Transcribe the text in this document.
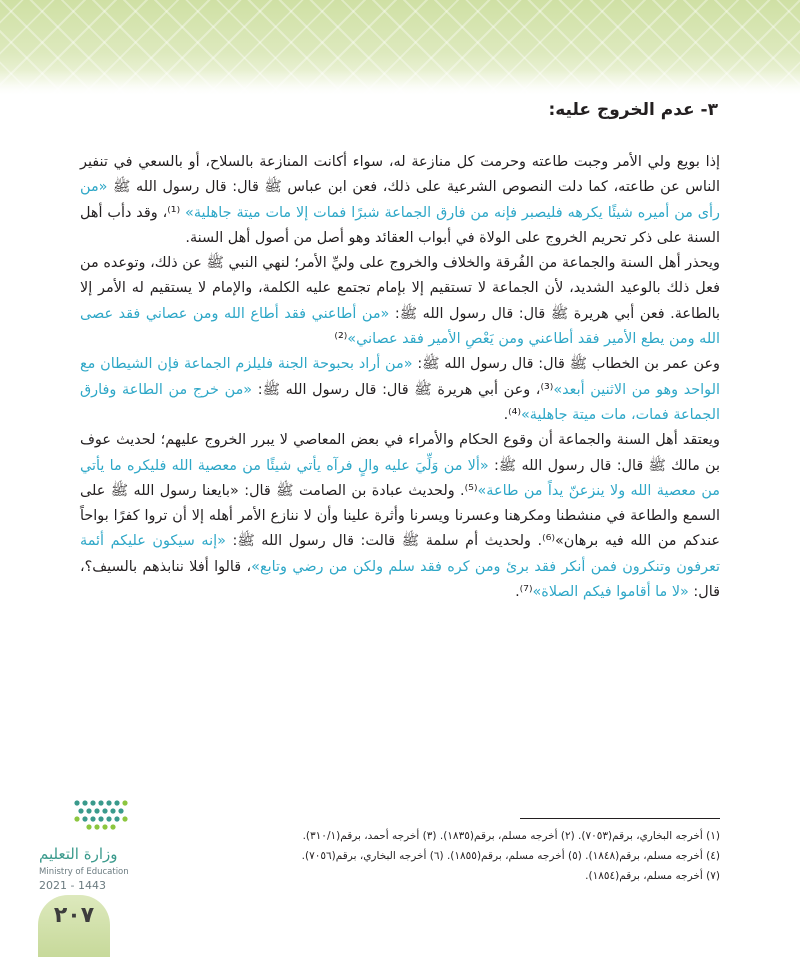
٣- عدم الخروج عليه:

إذا بويع ولي الأمر وجبت طاعته وحرمت كل منازعة له، سواء أكانت المنازعة بالسلاح، أو بالسعي في تنفير الناس عن طاعته، كما دلت النصوص الشرعية على ذلك، فعن ابن عباس ﷺ قال: قال رسول الله ﷺ «من رأى من أميره شيئًا يكرهه فليصبر فإنه من فارق الجماعة شبرًا فمات إلا مات ميتة جاهلية» ⁽¹⁾، وقد دأب أهل السنة على ذكر تحريم الخروج على الولاة في أبواب العقائد وهو أصل من أصول أهل السنة.

ويحذر أهل السنة والجماعة من الفُرقة والخلاف والخروج على وليِّ الأمر؛ لنهي النبي ﷺ عن ذلك، وتوعده من فعل ذلك بالوعيد الشديد، لأن الجماعة لا تستقيم إلا بإمام تجتمع عليه الكلمة، والإمام لا يستقيم له الأمر إلا بالطاعة. فعن أبي هريرة ﷺ قال: قال رسول الله ﷺ: «من أطاعني فقد أطاع الله ومن عصاني فقد عصى الله ومن يطع الأمير فقد أطاعني ومن يَعْصِ الأمير فقد عصاني»⁽²⁾

وعن عمر بن الخطاب ﷺ قال: قال رسول الله ﷺ: «من أراد بحبوحة الجنة فليلزم الجماعة فإن الشيطان مع الواحد وهو من الاثنين أبعد»⁽³⁾، وعن أبي هريرة ﷺ قال: قال رسول الله ﷺ: «من خرج من الطاعة وفارق الجماعة فمات، مات ميتة جاهلية»⁽⁴⁾.

ويعتقد أهل السنة والجماعة أن وقوع الحكام والأمراء في بعض المعاصي لا يبرر الخروج عليهم؛ لحديث عوف بن مالك ﷺ قال: قال رسول الله ﷺ: «ألا من وَلِّيَ عليه والٍ فرآه يأتي شيئًا من معصية الله فليكره ما يأتي من معصية الله ولا ينزعنّ يداً من طاعة»⁽⁵⁾. ولحديث عبادة بن الصامت ﷺ قال: «بايعنا رسول الله ﷺ على السمع والطاعة في منشطنا ومكرهنا وعسرنا ويسرنا وأثرة علينا وأن لا ننازع الأمر أهله إلا أن تروا كفرًا بواحاً عندكم من الله فيه برهان»⁽⁶⁾. ولحديث أم سلمة ﷺ قالت: قال رسول الله ﷺ: «إنه سيكون عليكم أئمة تعرفون وتنكرون فمن أنكر فقد برئ ومن كره فقد سلم ولكن من رضي وتابع»، قالوا أفلا ننابذهم بالسيف؟، قال: «لا ما أقاموا فيكم الصلاة»⁽⁷⁾.

(١) أخرجه البخاري، برقم(٧٠٥٣). (٢) أخرجه مسلم، برقم(١٨٣٥). (٣) أخرجه أحمد، برقم(٣١٠/١).
(٤) أخرجه مسلم، برقم(١٨٤٨). (٥) أخرجه مسلم، برقم(١٨٥٥). (٦) أخرجه البخاري، برقم(٧٠٥٦).
(٧) أخرجه مسلم، برقم(١٨٥٤).
وزارة التعليم
Ministry of Education
2021 - 1443
٢٠٧
